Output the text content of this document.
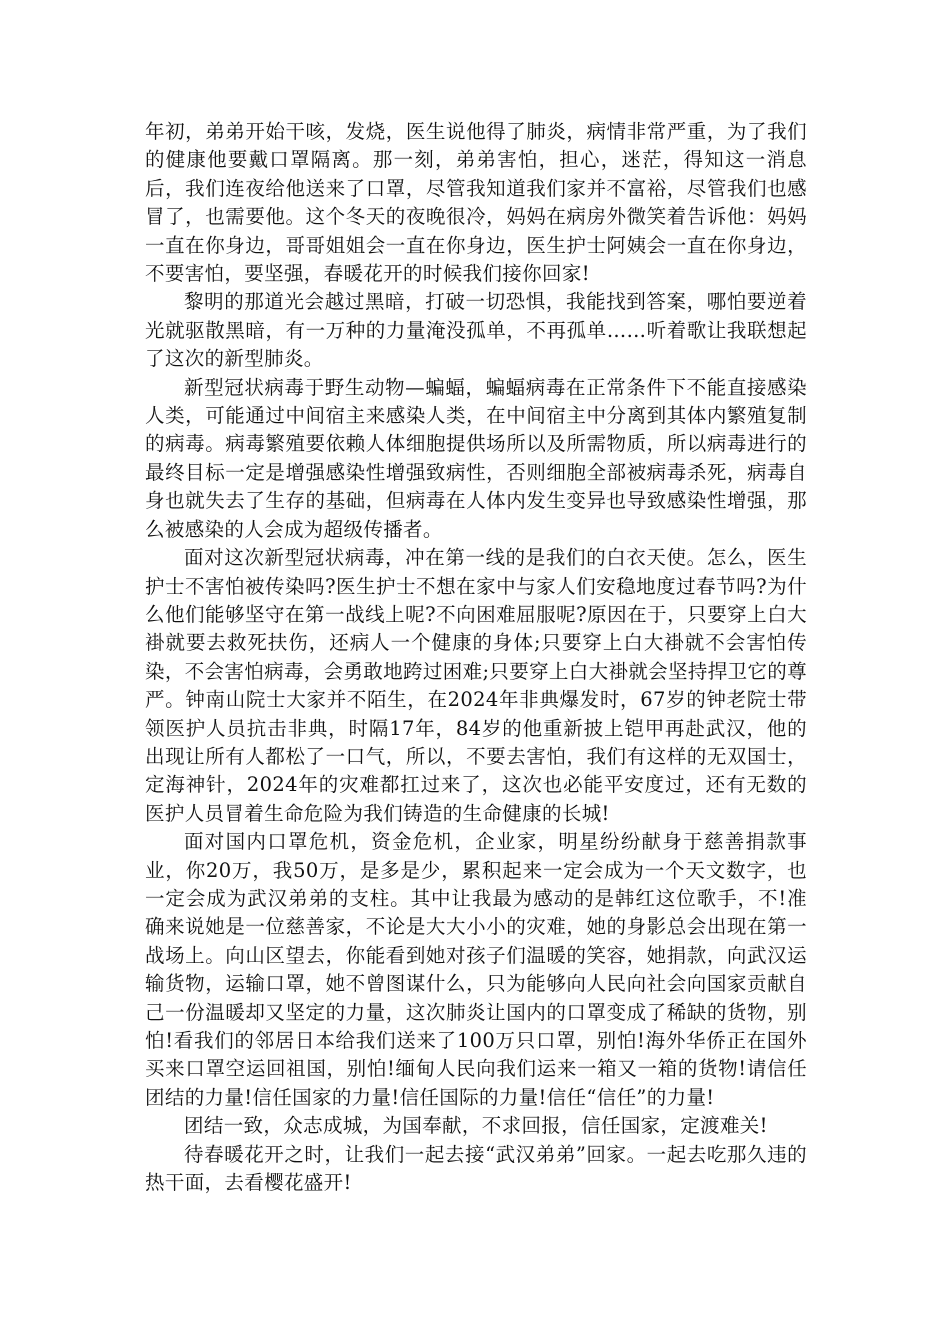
年初，弟弟开始干咳，发烧，医生说他得了肺炎，病情非常严重，为了我们的健康他要戴口罩隔离。那一刻，弟弟害怕，担心，迷茫，得知这一消息后，我们连夜给他送来了口罩，尽管我知道我们家并不富裕，尽管我们也感冒了，也需要他。这个冬天的夜晚很冷，妈妈在病房外微笑着告诉他：妈妈一直在你身边，哥哥姐姐会一直在你身边，医生护士阿姨会一直在你身边，不要害怕，要坚强，春暖花开的时候我们接你回家!

黎明的那道光会越过黑暗，打破一切恐惧，我能找到答案，哪怕要逆着光就驱散黑暗，有一万种的力量淹没孤单，不再孤单……听着歌让我联想起了这次的新型肺炎。

新型冠状病毒于野生动物—蝙蝠，蝙蝠病毒在正常条件下不能直接感染人类，可能通过中间宿主来感染人类，在中间宿主中分离到其体内繁殖复制的病毒。病毒繁殖要依赖人体细胞提供场所以及所需物质，所以病毒进行的最终目标一定是增强感染性增强致病性，否则细胞全部被病毒杀死，病毒自身也就失去了生存的基础，但病毒在人体内发生变异也导致感染性增强，那么被感染的人会成为超级传播者。

面对这次新型冠状病毒，冲在第一线的是我们的白衣天使。怎么，医生护士不害怕被传染吗?医生护士不想在家中与家人们安稳地度过春节吗?为什么他们能够坚守在第一战线上呢?不向困难屈服呢?原因在于，只要穿上白大褂就要去救死扶伤，还病人一个健康的身体;只要穿上白大褂就不会害怕传染，不会害怕病毒，会勇敢地跨过困难;只要穿上白大褂就会坚持捍卫它的尊严。钟南山院士大家并不陌生，在2024年非典爆发时，67岁的钟老院士带领医护人员抗击非典，时隔17年，84岁的他重新披上铠甲再赴武汉，他的出现让所有人都松了一口气，所以，不要去害怕，我们有这样的无双国士，定海神针，2024年的灾难都扛过来了，这次也必能平安度过，还有无数的医护人员冒着生命危险为我们铸造的生命健康的长城!

面对国内口罩危机，资金危机，企业家，明星纷纷献身于慈善捐款事业，你20万，我50万，是多是少，累积起来一定会成为一个天文数字，也一定会成为武汉弟弟的支柱。其中让我最为感动的是韩红这位歌手，不!准确来说她是一位慈善家，不论是大大小小的灾难，她的身影总会出现在第一战场上。向山区望去，你能看到她对孩子们温暖的笑容，她捐款，向武汉运输货物，运输口罩，她不曾图谋什么，只为能够向人民向社会向国家贡献自己一份温暖却又坚定的力量，这次肺炎让国内的口罩变成了稀缺的货物，别怕!看我们的邻居日本给我们送来了100万只口罩，别怕!海外华侨正在国外买来口罩空运回祖国，别怕!缅甸人民向我们运来一箱又一箱的货物!请信任团结的力量!信任国家的力量!信任国际的力量!信任“信任”的力量!

团结一致，众志成城，为国奉献，不求回报，信任国家，定渡难关!

待春暖花开之时，让我们一起去接“武汉弟弟”回家。一起去吃那久违的热干面，去看樱花盛开!
